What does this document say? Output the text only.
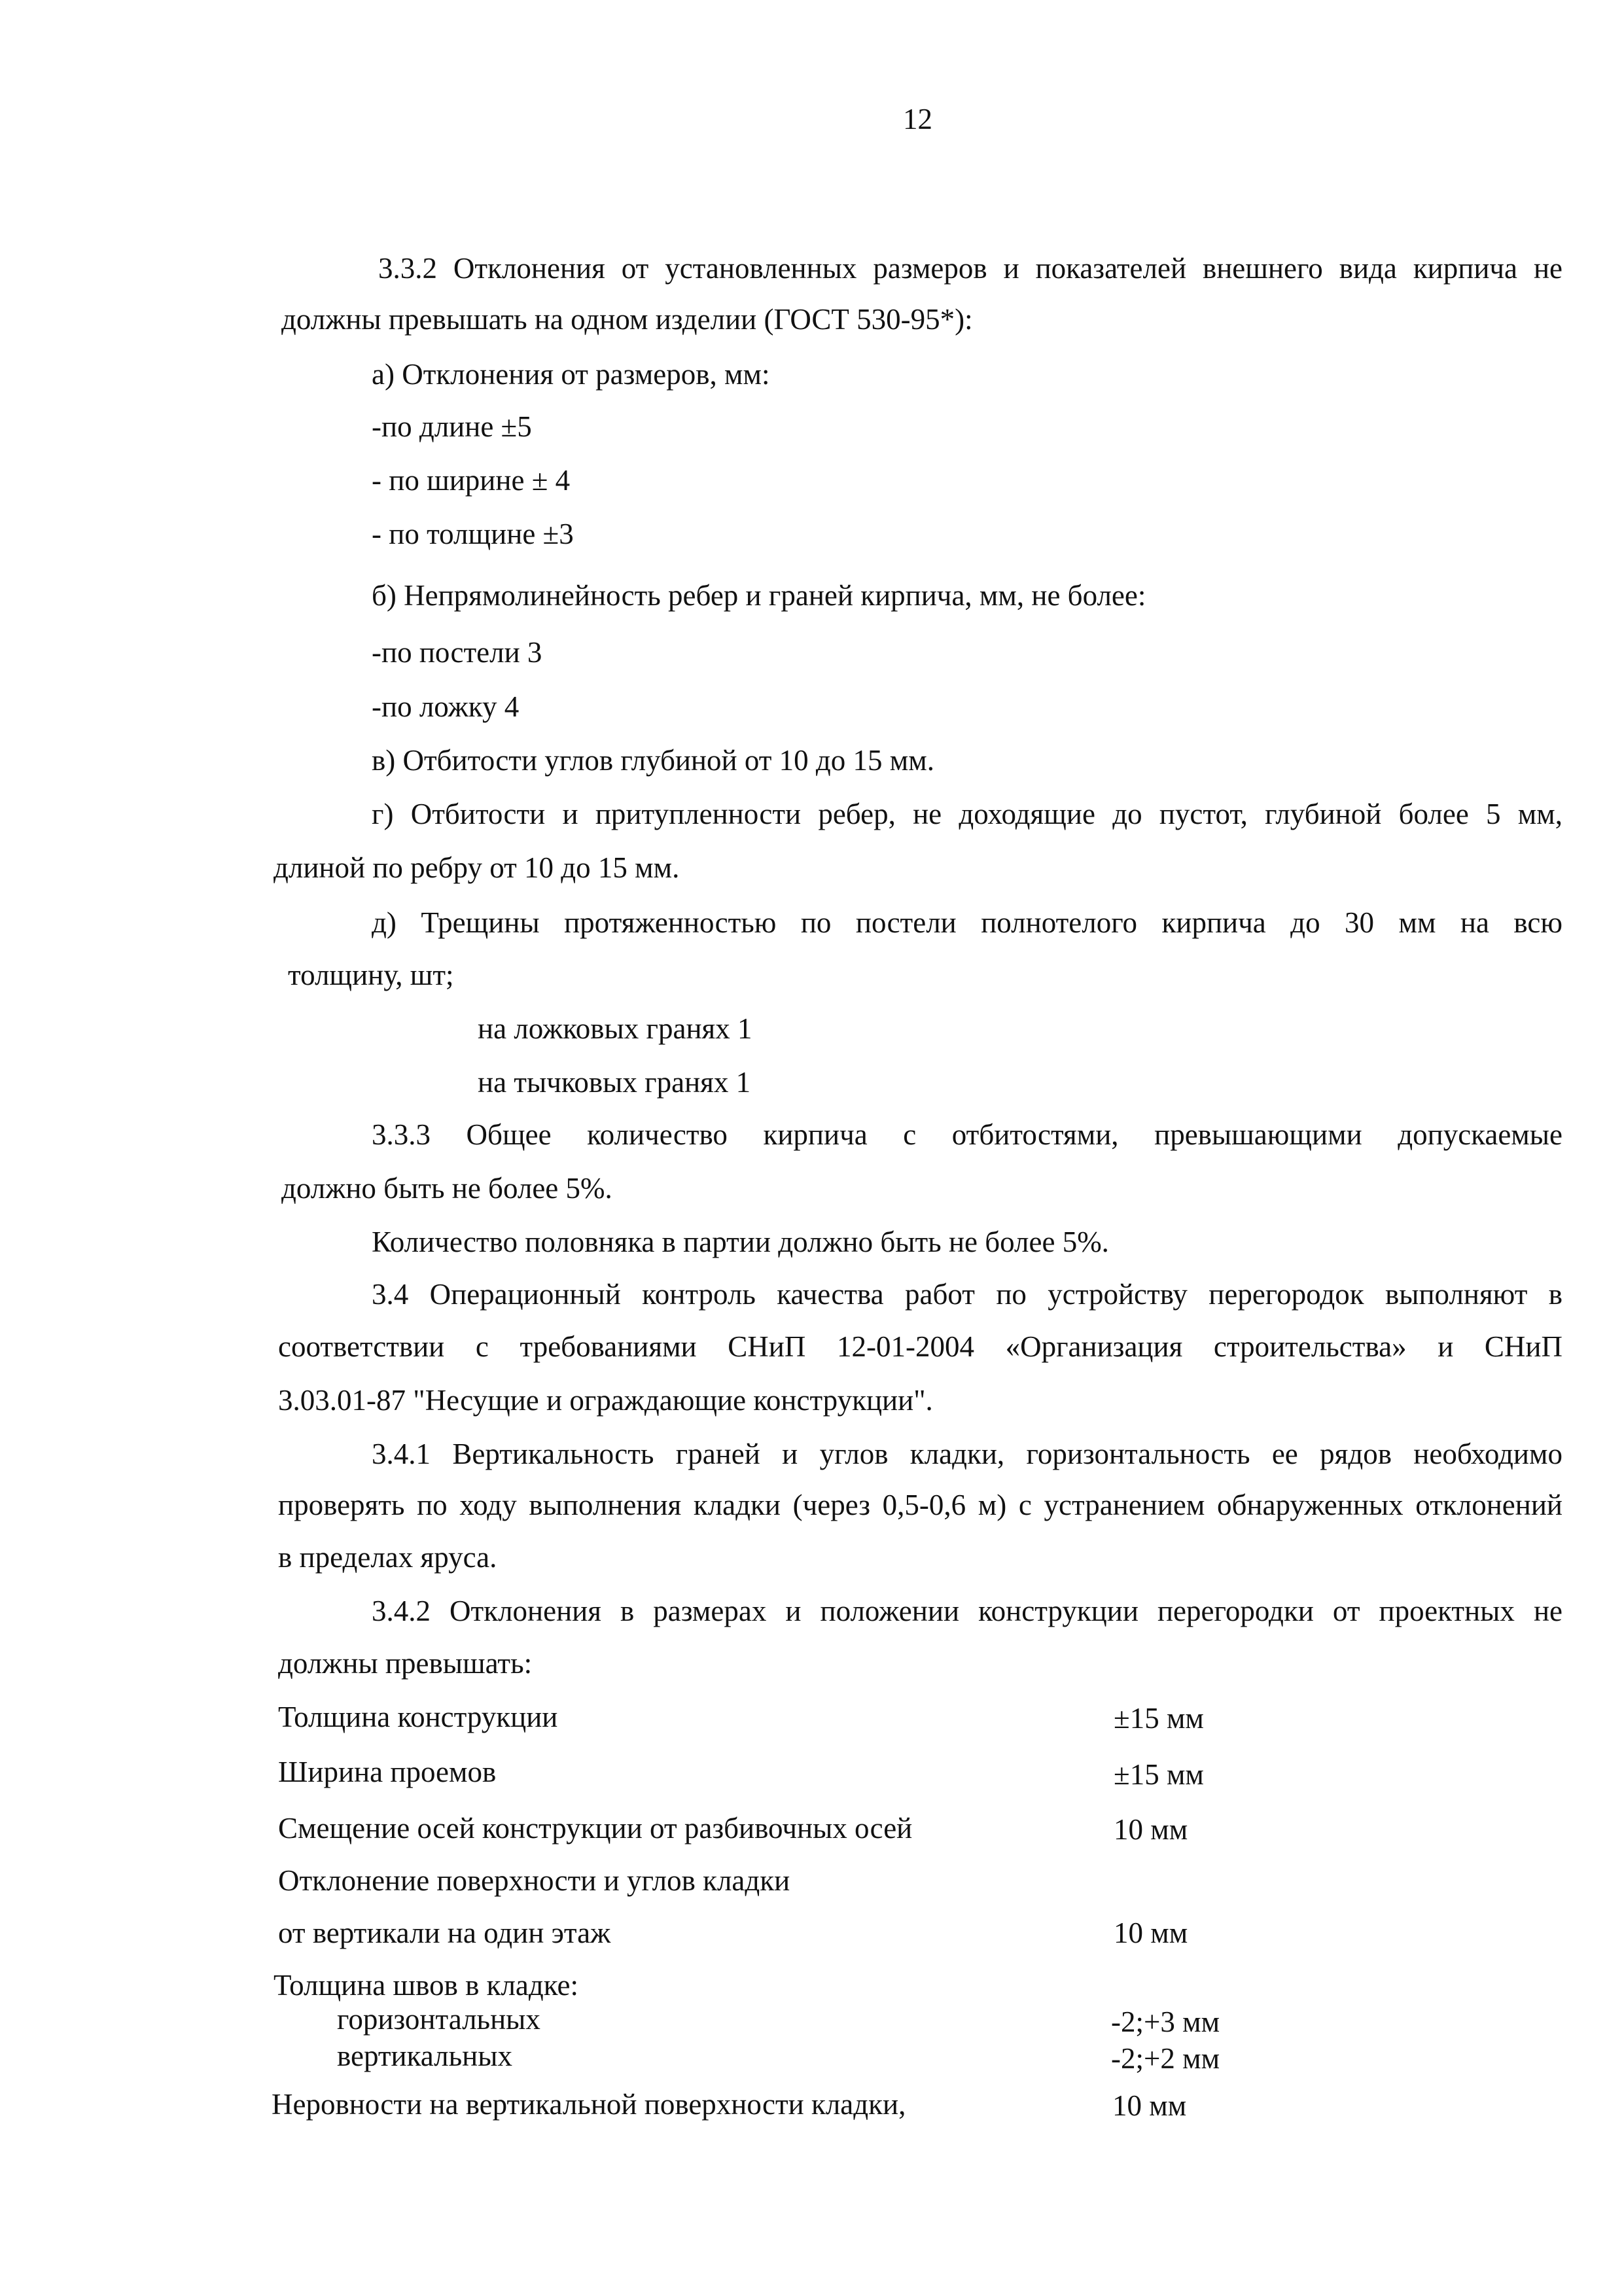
12
3.3.2 Отклонения от установленных размеров и показателей внешнего вида кирпича не
должны превышать на одном изделии (ГОСТ 530-95*):
а) Отклонения от размеров, мм:
-по длине ±5
- по ширине ± 4
- по толщине ±3
б) Непрямолинейность ребер и граней кирпича, мм, не более:
-по постели 3
-по ложку 4
в) Отбитости углов глубиной от 10 до 15 мм.
г) Отбитости и притупленности ребер, не доходящие до пустот, глубиной более 5 мм,
длиной по ребру от 10 до 15 мм.
д) Трещины протяженностью по постели полнотелого кирпича до 30 мм на всю
толщину, шт;
на ложковых гранях 1
на тычковых гранях 1
3.3.3 Общее количество кирпича с отбитостями, превышающими допускаемые
должно быть не более 5%.
Количество половняка в партии должно быть не более 5%.
3.4 Операционный контроль качества работ по устройству перегородок выполняют в
соответствии с требованиями СНиП 12-01-2004 «Организация строительства» и СНиП
3.03.01-87 "Несущие и ограждающие конструкции".
3.4.1 Вертикальность граней и углов кладки, горизонтальность ее рядов необходимо
проверять по ходу выполнения кладки (через 0,5-0,6 м) с устранением обнаруженных отклонений
в пределах яруса.
3.4.2 Отклонения в размерах и положении конструкции перегородки от проектных не
должны превышать:
Толщина конструкции	±15 мм
Ширина проемов	±15 мм
Смещение осей конструкции от разбивочных осей	10 мм
Отклонение поверхности и углов кладки
от вертикали на один этаж	10 мм
Толщина швов в кладке:
горизонтальных	-2;+3 мм
вертикальных	-2;+2 мм
Неровности на вертикальной поверхности кладки,	10 мм
